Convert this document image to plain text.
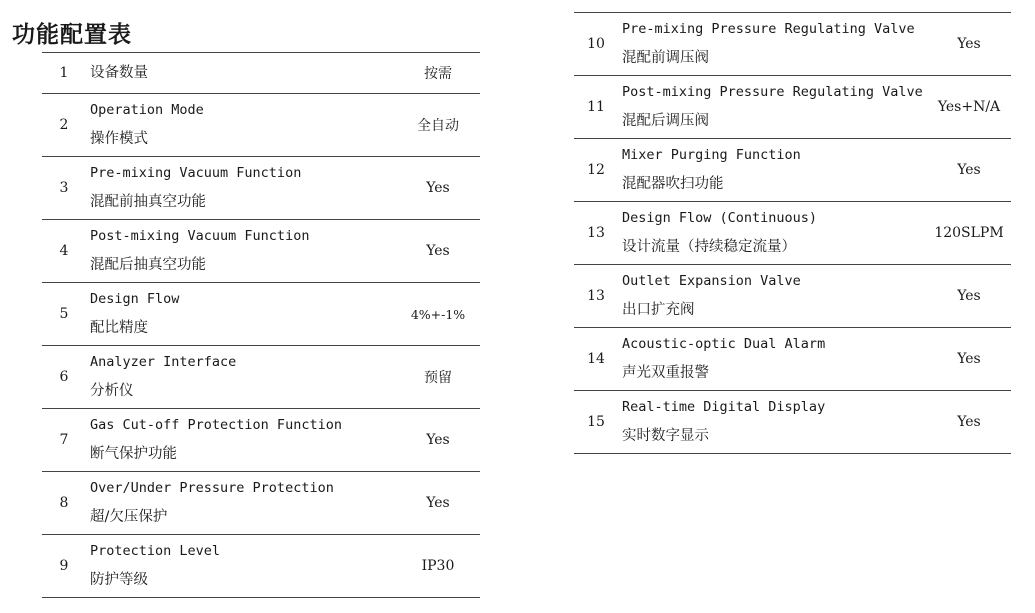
功能配置表
1	设备数量	按需
2
Operation Mode
操作模式
全自动
3
Pre-mixing Vacuum Function
混配前抽真空功能
Yes
4
Post-mixing Vacuum Function
混配后抽真空功能
Yes
5
Design Flow
配比精度
4%+-1%
6
Analyzer Interface
分析仪
预留
7
Gas Cut-off Protection Function
断气保护功能
Yes
8
Over/Under Pressure Protection
超/欠压保护
Yes
9
Protection Level
防护等级
IP30
10
Pre-mixing Pressure Regulating Valve
混配前调压阀
Yes
11
Post-mixing Pressure Regulating Valve
混配后调压阀
Yes+N/A
12
Mixer Purging Function
混配器吹扫功能
Yes
13
Design Flow (Continuous)
设计流量（持续稳定流量）
120SLPM
13
Outlet Expansion Valve
出口扩充阀
Yes
14
Acoustic-optic Dual Alarm
声光双重报警
Yes
15
Real-time Digital Display
实时数字显示
Yes
